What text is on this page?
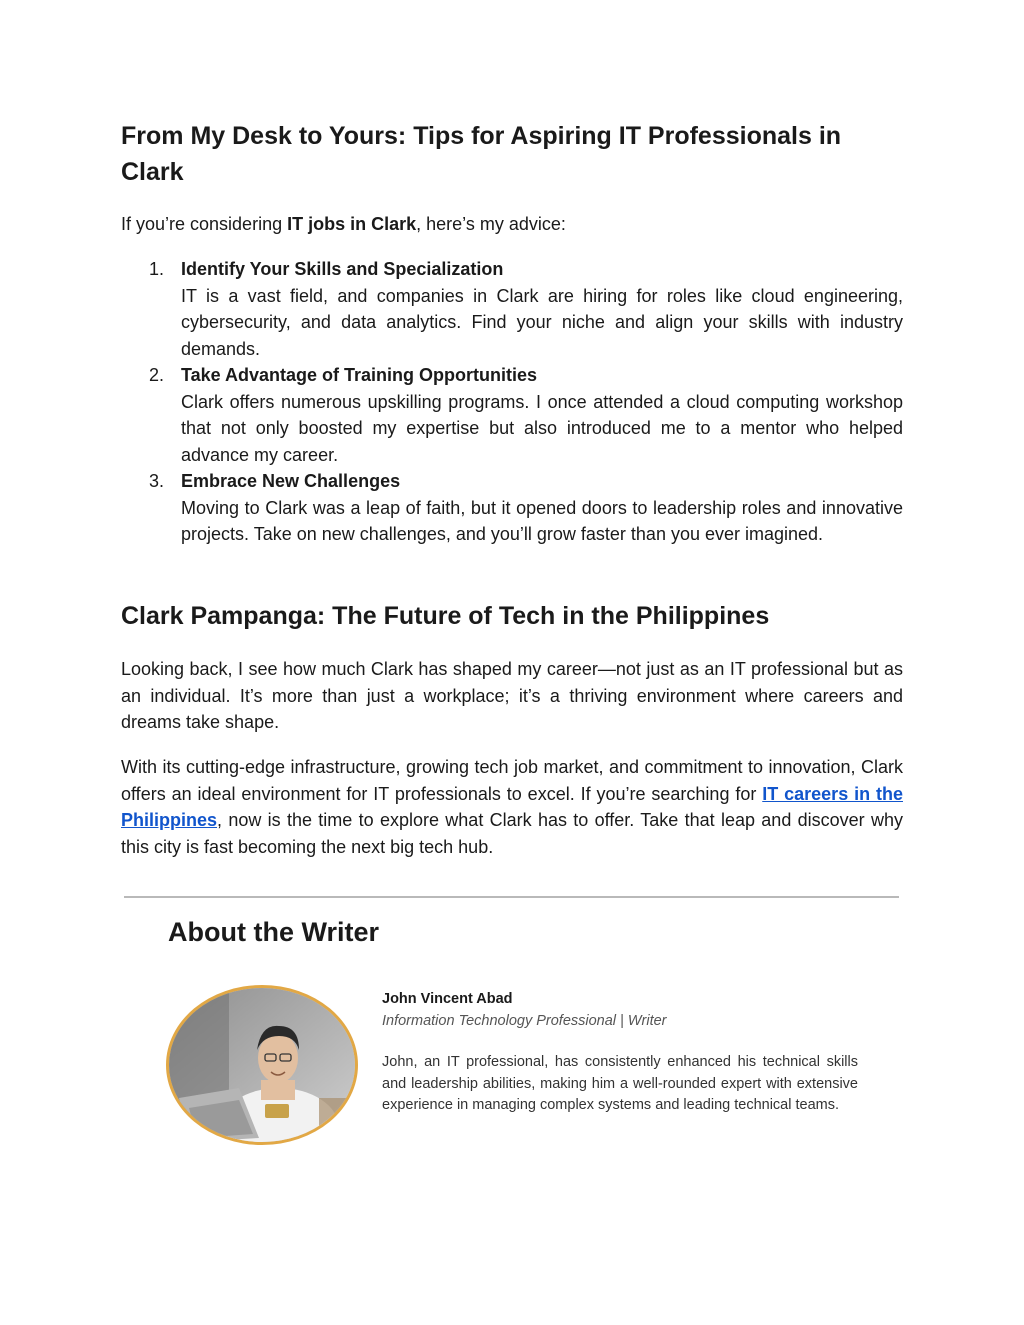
From My Desk to Yours: Tips for Aspiring IT Professionals in Clark

If you’re considering IT jobs in Clark, here’s my advice:

1. Identify Your Skills and Specialization
IT is a vast field, and companies in Clark are hiring for roles like cloud engineering, cybersecurity, and data analytics. Find your niche and align your skills with industry demands.
2. Take Advantage of Training Opportunities
Clark offers numerous upskilling programs. I once attended a cloud computing workshop that not only boosted my expertise but also introduced me to a mentor who helped advance my career.
3. Embrace New Challenges
Moving to Clark was a leap of faith, but it opened doors to leadership roles and innovative projects. Take on new challenges, and you’ll grow faster than you ever imagined.
Clark Pampanga: The Future of Tech in the Philippines

Looking back, I see how much Clark has shaped my career—not just as an IT professional but as an individual. It’s more than just a workplace; it’s a thriving environment where careers and dreams take shape.

With its cutting-edge infrastructure, growing tech job market, and commitment to innovation, Clark offers an ideal environment for IT professionals to excel. If you’re searching for IT careers in the Philippines, now is the time to explore what Clark has to offer. Take that leap and discover why this city is fast becoming the next big tech hub.

About the Writer

John Vincent Abad

Information Technology Professional | Writer

John, an IT professional, has consistently enhanced his technical skills and leadership abilities, making him a well-rounded expert with extensive experience in managing complex systems and leading technical teams.
